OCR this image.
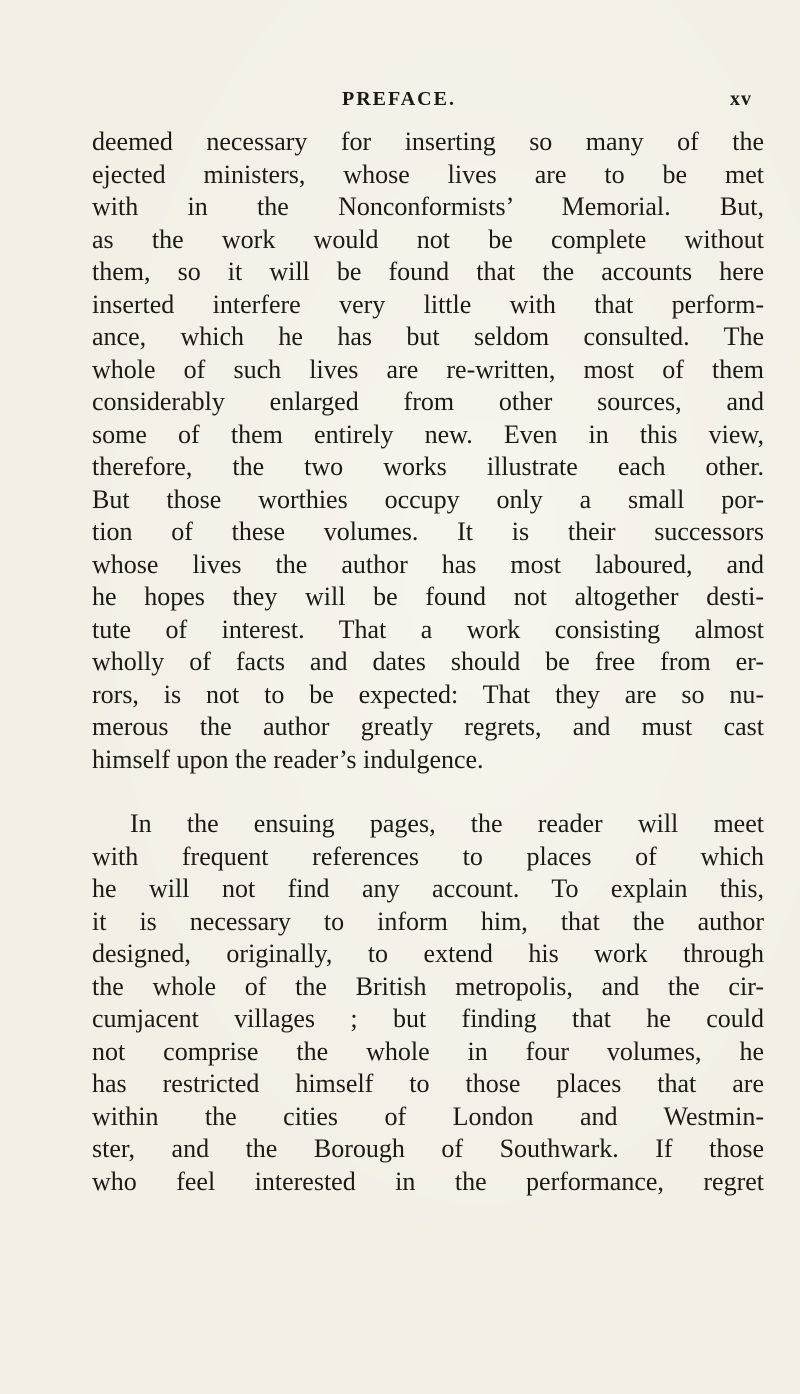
PREFACE.	xv
deemed necessary for inserting so many of the
ejected ministers, whose lives are to be met
with in the Nonconformists’ Memorial. But,
as the work would not be complete without
them, so it will be found that the accounts here
inserted interfere very little with that perform-
ance, which he has but seldom consulted. The
whole of such lives are re-written, most of them
considerably enlarged from other sources, and
some of them entirely new. Even in this view,
therefore, the two works illustrate each other.
But those worthies occupy only a small por-
tion of these volumes. It is their successors
whose lives the author has most laboured, and
he hopes they will be found not altogether desti-
tute of interest. That a work consisting almost
wholly of facts and dates should be free from er-
rors, is not to be expected: That they are so nu-
merous the author greatly regrets, and must cast
himself upon the reader’s indulgence.
In the ensuing pages, the reader will meet
with frequent references to places of which
he will not find any account. To explain this,
it is necessary to inform him, that the author
designed, originally, to extend his work through
the whole of the British metropolis, and the cir-
cumjacent villages ; but finding that he could
not comprise the whole in four volumes, he
has restricted himself to those places that are
within the cities of London and Westmin-
ster, and the Borough of Southwark. If those
who feel interested in the performance, regret
